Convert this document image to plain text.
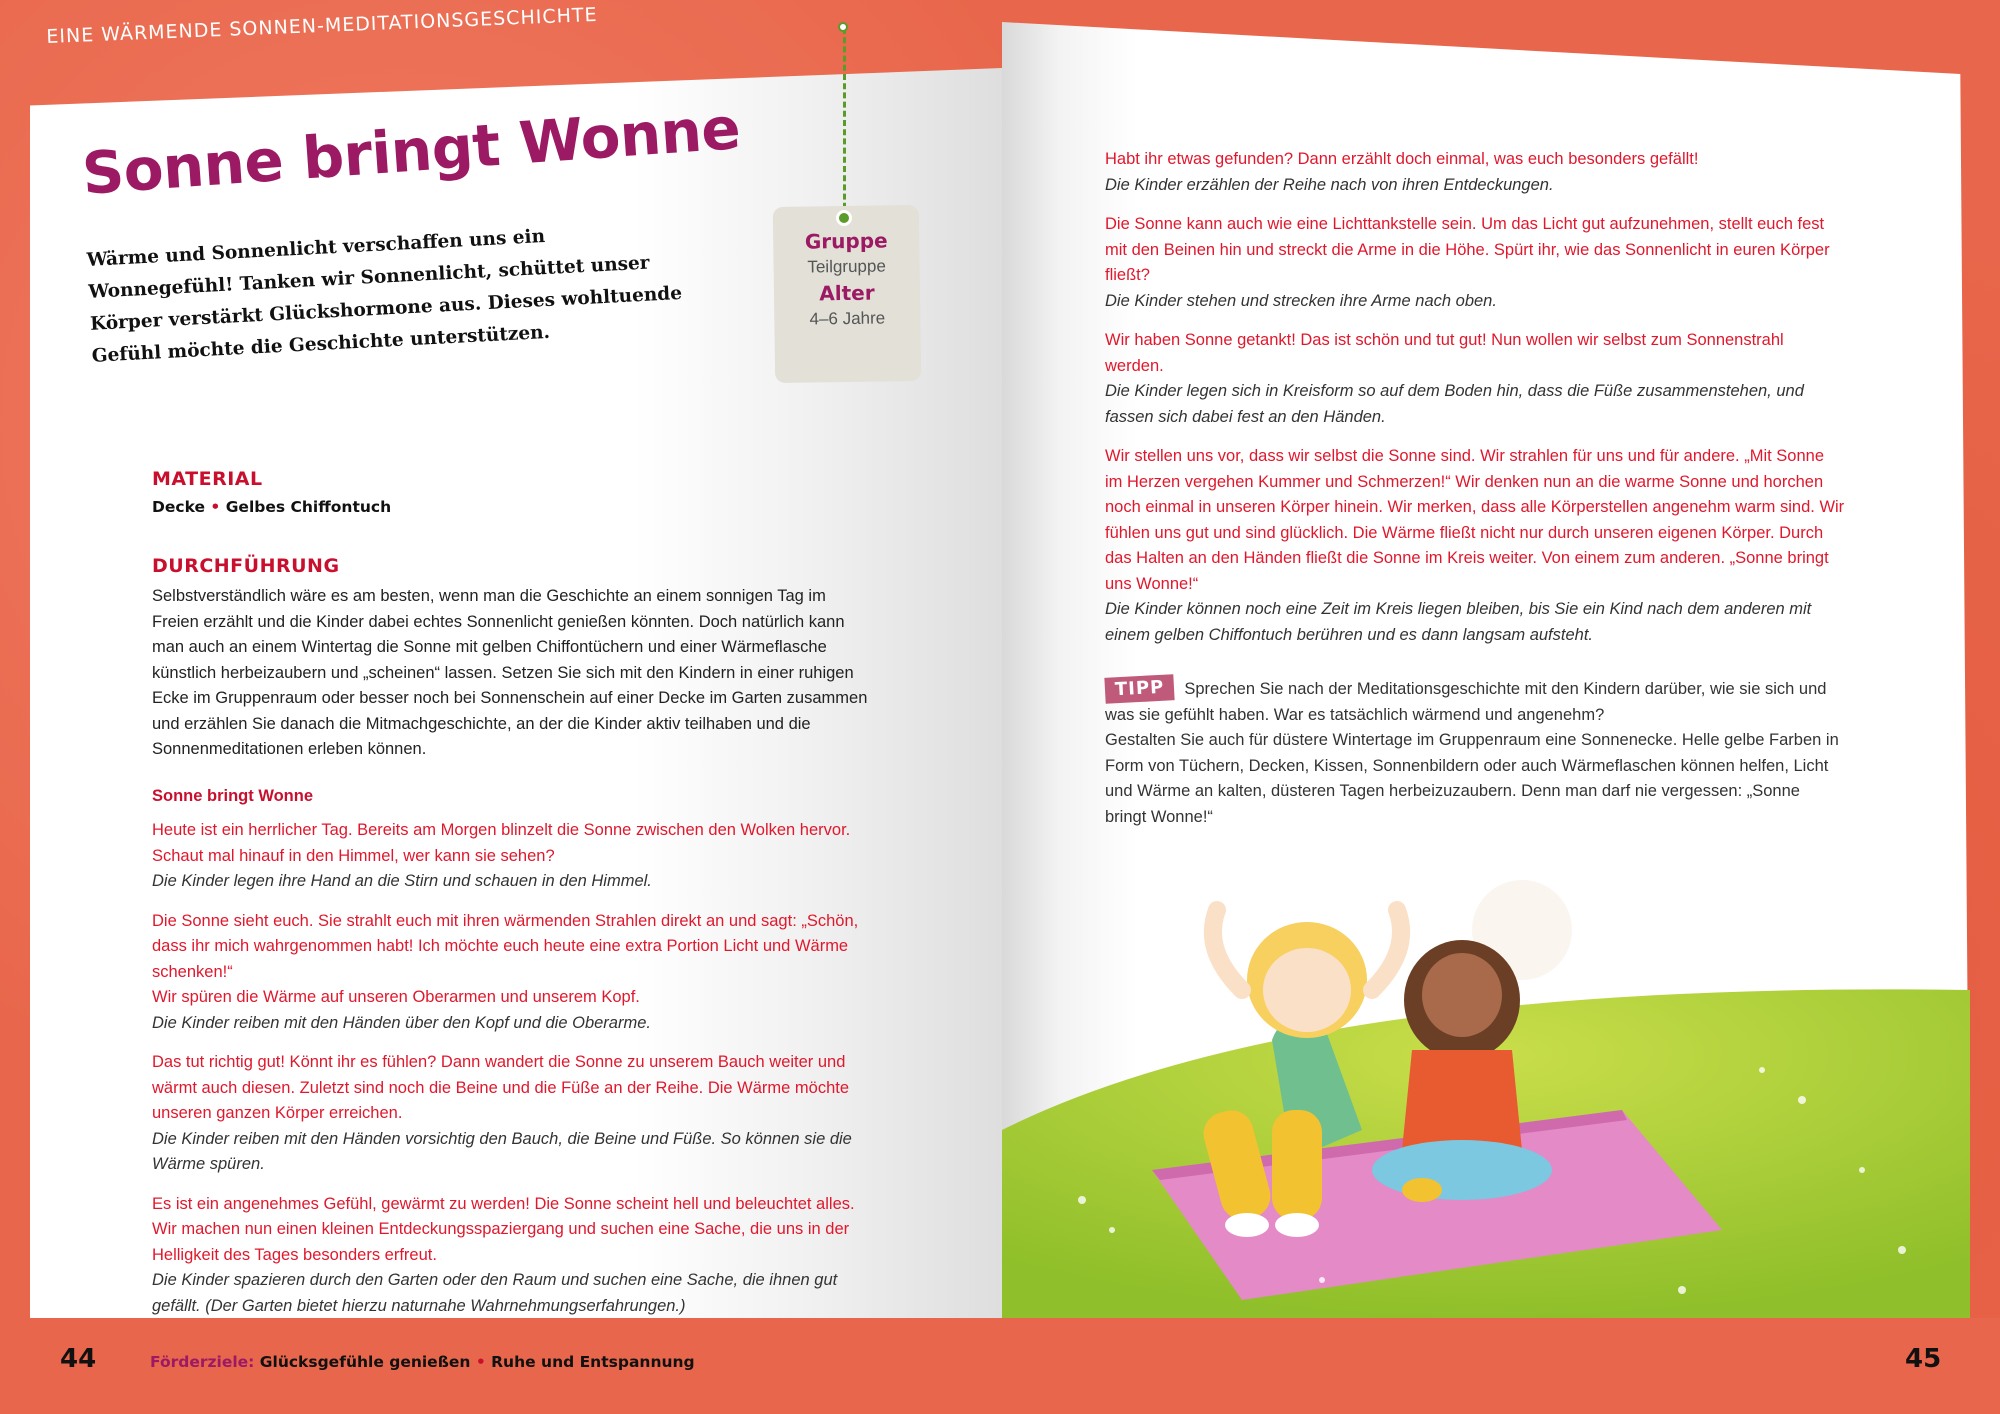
EINE WÄRMENDE SONNEN-MEDITATIONSGESCHICHTE
Sonne bringt Wonne

Wärme und Sonnenlicht verschaffen uns ein Wonnegefühl! Tanken wir Sonnenlicht, schüttet unser Körper verstärkt Glückshormone aus. Dieses wohltuende Gefühl möchte die Geschichte unterstützen.

Gruppe
Teilgruppe
Alter
4–6 Jahre
MATERIAL
Decke • Gelbes Chiffontuch
DURCHFÜHRUNG

Selbstverständlich wäre es am besten, wenn man die Geschichte an einem sonnigen Tag im Freien erzählt und die Kinder dabei echtes Sonnenlicht genießen könnten. Doch natürlich kann man auch an einem Wintertag die Sonne mit gelben Chiffontüchern und einer Wärmeflasche künstlich herbeizaubern und „scheinen“ lassen. Setzen Sie sich mit den Kindern in einer ruhigen Ecke im Gruppenraum oder besser noch bei Sonnenschein auf einer Decke im Garten zusammen und erzählen Sie danach die Mitmachgeschichte, an der die Kinder aktiv teilhaben und die Sonnenmeditationen erleben können.

Sonne bringt Wonne

Heute ist ein herrlicher Tag. Bereits am Morgen blinzelt die Sonne zwischen den Wolken hervor. Schaut mal hinauf in den Himmel, wer kann sie sehen?

Die Kinder legen ihre Hand an die Stirn und schauen in den Himmel.

Die Sonne sieht euch. Sie strahlt euch mit ihren wärmenden Strahlen direkt an und sagt: „Schön, dass ihr mich wahrgenommen habt! Ich möchte euch heute eine extra Portion Licht und Wärme schenken!“

Wir spüren die Wärme auf unseren Oberarmen und unserem Kopf.

Die Kinder reiben mit den Händen über den Kopf und die Oberarme.

Das tut richtig gut! Könnt ihr es fühlen? Dann wandert die Sonne zu unserem Bauch weiter und wärmt auch diesen. Zuletzt sind noch die Beine und die Füße an der Reihe. Die Wärme möchte unseren ganzen Körper erreichen.

Die Kinder reiben mit den Händen vorsichtig den Bauch, die Beine und Füße. So können sie die Wärme spüren.

Es ist ein angenehmes Gefühl, gewärmt zu werden! Die Sonne scheint hell und beleuchtet alles. Wir machen nun einen kleinen Entdeckungsspaziergang und suchen eine Sache, die uns in der Helligkeit des Tages besonders erfreut.

Die Kinder spazieren durch den Garten oder den Raum und suchen eine Sache, die ihnen gut gefällt. (Der Garten bietet hierzu naturnahe Wahrnehmungserfahrungen.)

Habt ihr etwas gefunden? Dann erzählt doch einmal, was euch besonders gefällt!

Die Kinder erzählen der Reihe nach von ihren Entdeckungen.

Die Sonne kann auch wie eine Lichttankstelle sein. Um das Licht gut aufzunehmen, stellt euch fest mit den Beinen hin und streckt die Arme in die Höhe. Spürt ihr, wie das Sonnenlicht in euren Körper fließt?

Die Kinder stehen und strecken ihre Arme nach oben.

Wir haben Sonne getankt! Das ist schön und tut gut! Nun wollen wir selbst zum Sonnenstrahl werden.

Die Kinder legen sich in Kreisform so auf dem Boden hin, dass die Füße zusammenstehen, und fassen sich dabei fest an den Händen.

Wir stellen uns vor, dass wir selbst die Sonne sind. Wir strahlen für uns und für andere. „Mit Sonne im Herzen vergehen Kummer und Schmerzen!“ Wir denken nun an die warme Sonne und horchen noch einmal in unseren Körper hinein. Wir merken, dass alle Körperstellen angenehm warm sind. Wir fühlen uns gut und sind glücklich. Die Wärme fließt nicht nur durch unseren eigenen Körper. Durch das Halten an den Händen fließt die Sonne im Kreis weiter. Von einem zum anderen. „Sonne bringt uns Wonne!“

Die Kinder können noch eine Zeit im Kreis liegen bleiben, bis Sie ein Kind nach dem anderen mit einem gelben Chiffontuch berühren und es dann langsam aufsteht.

TIPP Sprechen Sie nach der Meditationsgeschichte mit den Kindern darüber, wie sie sich und was sie gefühlt haben. War es tatsächlich wärmend und angenehm?

Gestalten Sie auch für düstere Wintertage im Gruppenraum eine Sonnenecke. Helle gelbe Farben in Form von Tüchern, Decken, Kissen, Sonnenbildern oder auch Wärmeflaschen können helfen, Licht und Wärme an kalten, düsteren Tagen herbeizuzaubern. Denn man darf nie vergessen: „Sonne bringt Wonne!“

44	45
Förderziele: Glücksgefühle genießen • Ruhe und Entspannung
